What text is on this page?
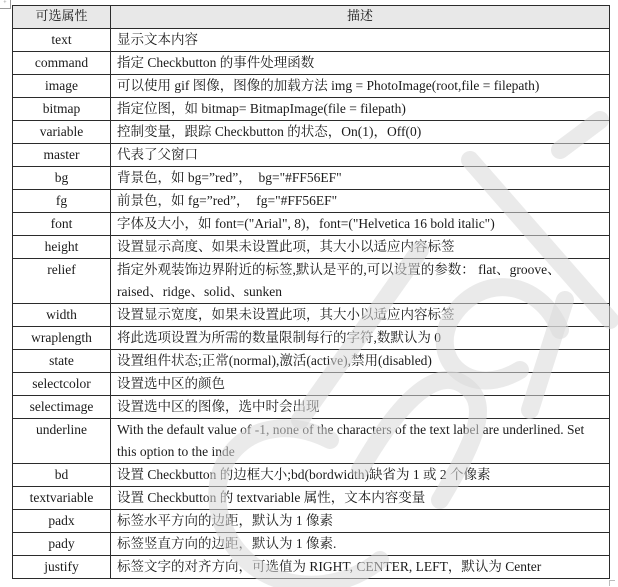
+
可选属性	描述
text	显示文本内容
command	指定 Checkbutton 的事件处理函数
image	可以使用 gif 图像，图像的加载方法 img = PhotoImage(root,file = filepath)
bitmap	指定位图，如 bitmap= BitmapImage(file = filepath)
variable	控制变量，跟踪 Checkbutton 的状态，On(1)，Off(0)
master	代表了父窗口
bg	背景色，如 bg=”red”，　bg="#FF56EF"
fg	前景色，如 fg=”red”，　fg="#FF56EF"
font	字体及大小，如 font=("Arial", 8)，font=("Helvetica 16 bold italic")
height	设置显示高度、如果未设置此项，其大小以适应内容标签
relief	指定外观装饰边界附近的标签,默认是平的,可以设置的参数： flat、groove、raised、ridge、solid、sunken
width	设置显示宽度，如果未设置此项，其大小以适应内容标签
wraplength	将此选项设置为所需的数量限制每行的字符,数默认为 0
state	设置组件状态;正常(normal),激活(active),禁用(disabled)
selectcolor	设置选中区的颜色
selectimage	设置选中区的图像，选中时会出现
underline	With the default value of -1, none of the characters of the text label are underlined. Set this option to the inde
bd	设置 Checkbutton 的边框大小;bd(bordwidth)缺省为 1 或 2 个像素
textvariable	设置 Checkbutton 的 textvariable 属性，文本内容变量
padx	标签水平方向的边距，默认为 1 像素
pady	标签竖直方向的边距，默认为 1 像素.
justify	标签文字的对齐方向，可选值为 RIGHT, CENTER, LEFT，默认为 Center
